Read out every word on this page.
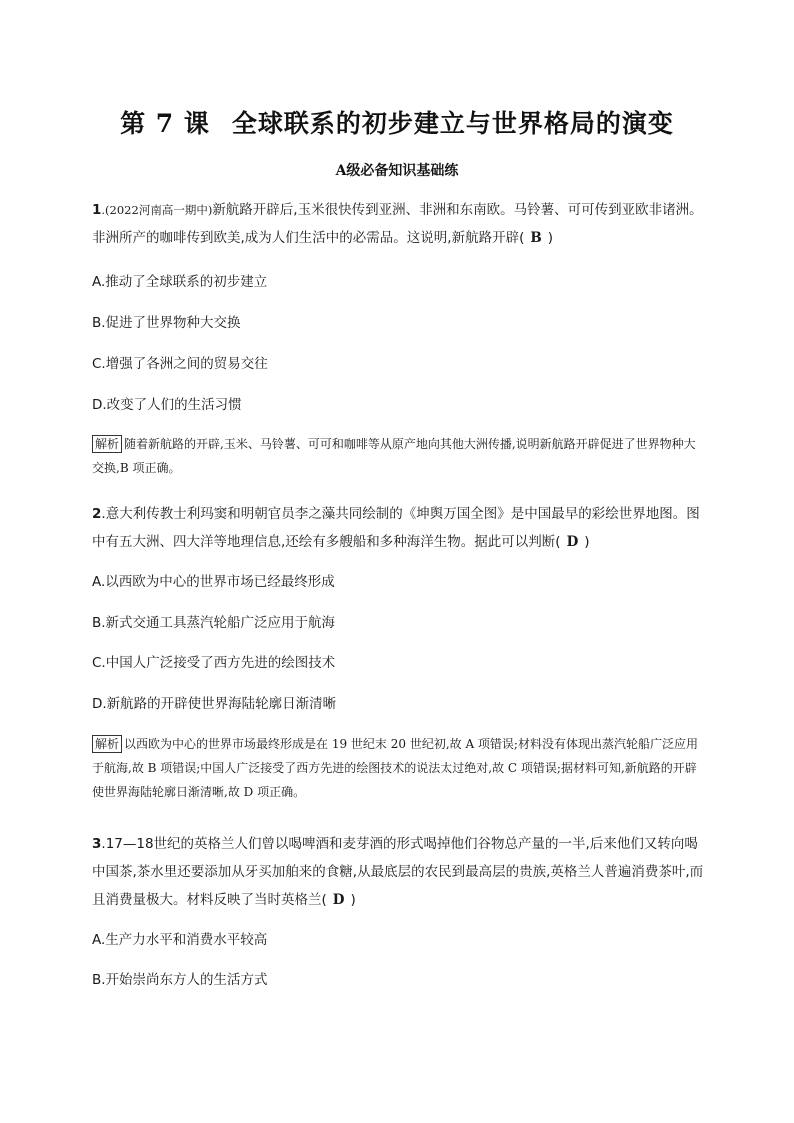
第 7 课 全球联系的初步建立与世界格局的演变
A级必备知识基础练
1.(2022河南高一期中)新航路开辟后,玉米很快传到亚洲、非洲和东南欧。马铃薯、可可传到亚欧非诸洲。非洲所产的咖啡传到欧美,成为人们生活中的必需品。这说明,新航路开辟( B )
A.推动了全球联系的初步建立
B.促进了世界物种大交换
C.增强了各洲之间的贸易交往
D.改变了人们的生活习惯
解析 随着新航路的开辟,玉米、马铃薯、可可和咖啡等从原产地向其他大洲传播,说明新航路开辟促进了世界物种大交换,B 项正确。
2.意大利传教士利玛窦和明朝官员李之藻共同绘制的《坤舆万国全图》是中国最早的彩绘世界地图。图中有五大洲、四大洋等地理信息,还绘有多艘船和多种海洋生物。据此可以判断( D )
A.以西欧为中心的世界市场已经最终形成
B.新式交通工具蒸汽轮船广泛应用于航海
C.中国人广泛接受了西方先进的绘图技术
D.新航路的开辟使世界海陆轮廓日渐清晰
解析 以西欧为中心的世界市场最终形成是在 19 世纪末 20 世纪初,故 A 项错误;材料没有体现出蒸汽轮船广泛应用于航海,故 B 项错误;中国人广泛接受了西方先进的绘图技术的说法太过绝对,故 C 项错误;据材料可知,新航路的开辟使世界海陆轮廓日渐清晰,故 D 项正确。
3.17—18世纪的英格兰人们曾以喝啤酒和麦芽酒的形式喝掉他们谷物总产量的一半,后来他们又转向喝中国茶,茶水里还要添加从牙买加舶来的食糖,从最底层的农民到最高层的贵族,英格兰人普遍消费茶叶,而且消费量极大。材料反映了当时英格兰( D )
A.生产力水平和消费水平较高
B.开始崇尚东方人的生活方式
